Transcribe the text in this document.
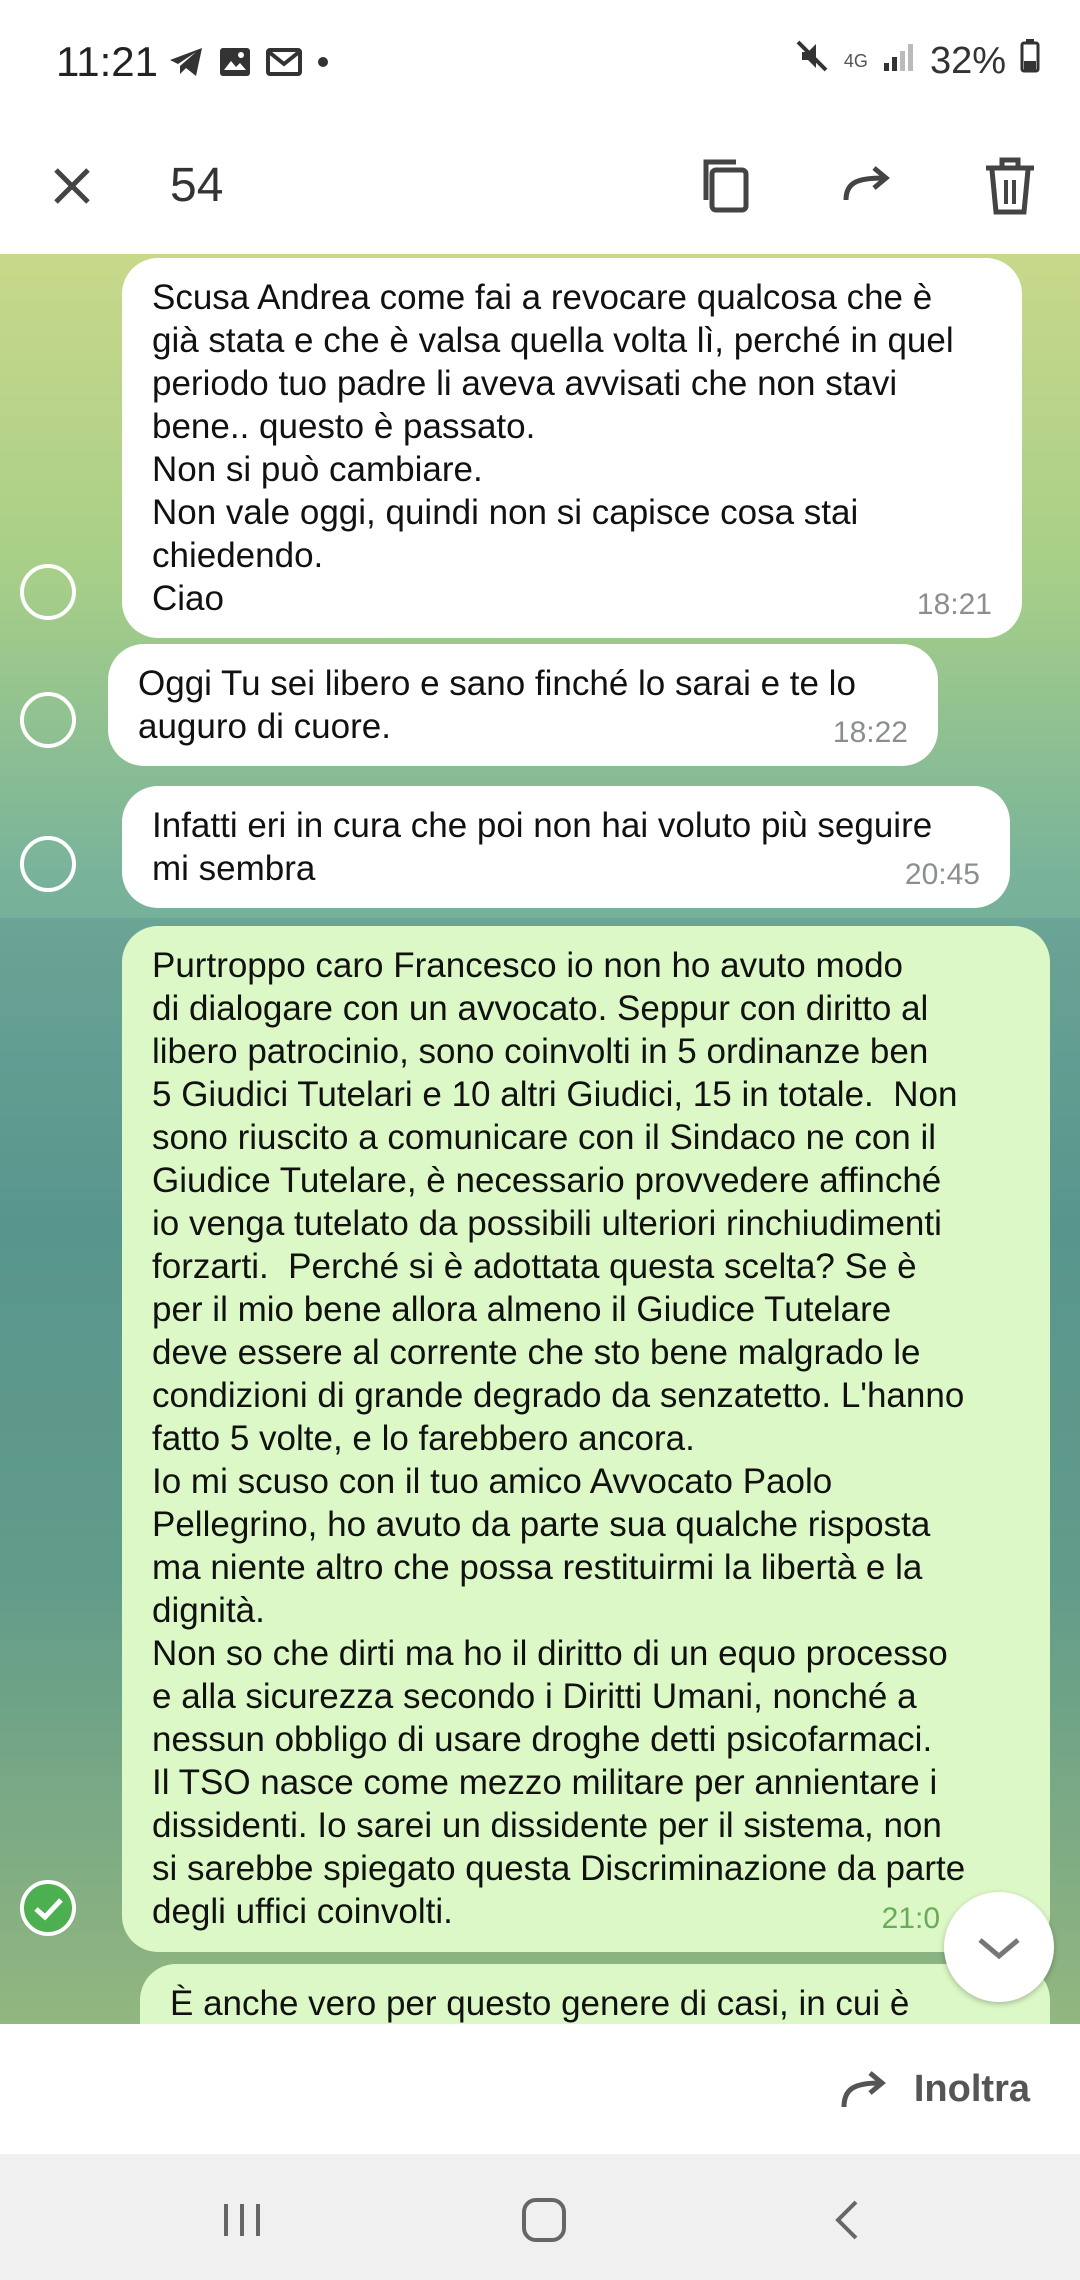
11:21	4G 32%
54
Scusa Andrea come fai a revocare qualcosa che è
già stata e che è valsa quella volta lì, perché in quel
periodo tuo padre li aveva avvisati che non stavi
bene.. questo è passato.
Non si può cambiare.
Non vale oggi, quindi non si capisce cosa stai
chiedendo.
Ciao	18:21
Oggi Tu sei libero e sano finché lo sarai e te lo
auguro di cuore.	18:22
Infatti eri in cura che poi non hai voluto più seguire
mi sembra	20:45
Purtroppo caro Francesco io non ho avuto modo
di dialogare con un avvocato. Seppur con diritto al
libero patrocinio, sono coinvolti in 5 ordinanze ben
5 Giudici Tutelari e 10 altri Giudici, 15 in totale.  Non
sono riuscito a comunicare con il Sindaco ne con il
Giudice Tutelare, è necessario provvedere affinché
io venga tutelato da possibili ulteriori rinchiudimenti
forzarti.  Perché si è adottata questa scelta? Se è
per il mio bene allora almeno il Giudice Tutelare
deve essere al corrente che sto bene malgrado le
condizioni di grande degrado da senzatetto. L'hanno
fatto 5 volte, e lo farebbero ancora.
Io mi scuso con il tuo amico Avvocato Paolo
Pellegrino, ho avuto da parte sua qualche risposta
ma niente altro che possa restituirmi la libertà e la
dignità.
Non so che dirti ma ho il diritto di un equo processo
e alla sicurezza secondo i Diritti Umani, nonché a
nessun obbligo di usare droghe detti psicofarmaci.
Il TSO nasce come mezzo militare per annientare i
dissidenti. Io sarei un dissidente per il sistema, non
si sarebbe spiegato questa Discriminazione da parte
degli uffici coinvolti.	21:0
È anche vero per questo genere di casi, in cui è
Inoltra
